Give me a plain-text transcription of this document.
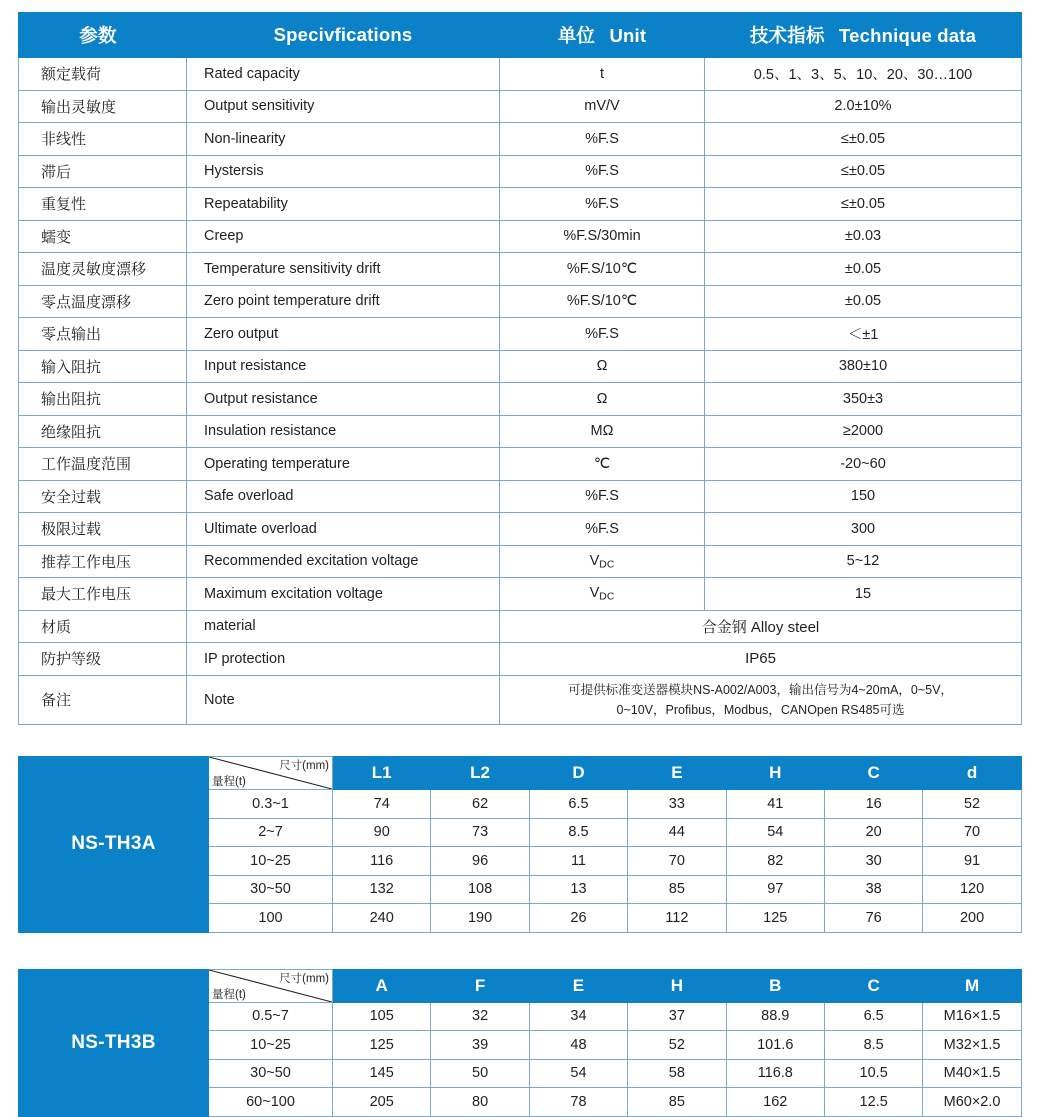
参数	Specivfications	单位 Unit	技术指标 Technique data
额定载荷	Rated capacity	t	0.5、1、3、5、10、20、30…100
输出灵敏度	Output sensitivity	mV/V	2.0±10%
非线性	Non-linearity	%F.S	≤±0.05
滞后	Hystersis	%F.S	≤±0.05
重复性	Repeatability	%F.S	≤±0.05
蠕变	Creep	%F.S/30min	±0.03
温度灵敏度漂移	Temperature sensitivity drift	%F.S/10℃	±0.05
零点温度漂移	Zero point temperature drift	%F.S/10℃	±0.05
零点输出	Zero output	%F.S	＜±1
输入阻抗	Input resistance	Ω	380±10
输出阻抗	Output resistance	Ω	350±3
绝缘阻抗	Insulation resistance	MΩ	≥2000
工作温度范围	Operating temperature	℃	-20~60
安全过载	Safe overload	%F.S	150
极限过载	Ultimate overload	%F.S	300
推荐工作电压	Recommended excitation voltage	$V_{DC}$	5~12
最大工作电压	Maximum excitation voltage	$V_{DC}$	15
材质	material	合金钢 Alloy steel	
防护等级	IP protection	IP65	
备注	Note	可提供标准变送器模块NS-A002/A003，输出信号为4~20mA，0~5V，
0~10V，Profibus，Modbus，CANOpen RS485可选	
NS-TH3A	尺寸(mm)
量程(t)	L1	L2	D	E	H	C	d
	0.3~1	74	62	6.5	33	41	16	52
	2~7	90	73	8.5	44	54	20	70
	10~25	116	96	11	70	82	30	91
	30~50	132	108	13	85	97	38	120
	100	240	190	26	112	125	76	200
NS-TH3B	尺寸(mm)
量程(t)	A	F	E	H	B	C	M
	0.5~7	105	32	34	37	88.9	6.5	M16×1.5
	10~25	125	39	48	52	101.6	8.5	M32×1.5
	30~50	145	50	54	58	116.8	10.5	M40×1.5
	60~100	205	80	78	85	162	12.5	M60×2.0
